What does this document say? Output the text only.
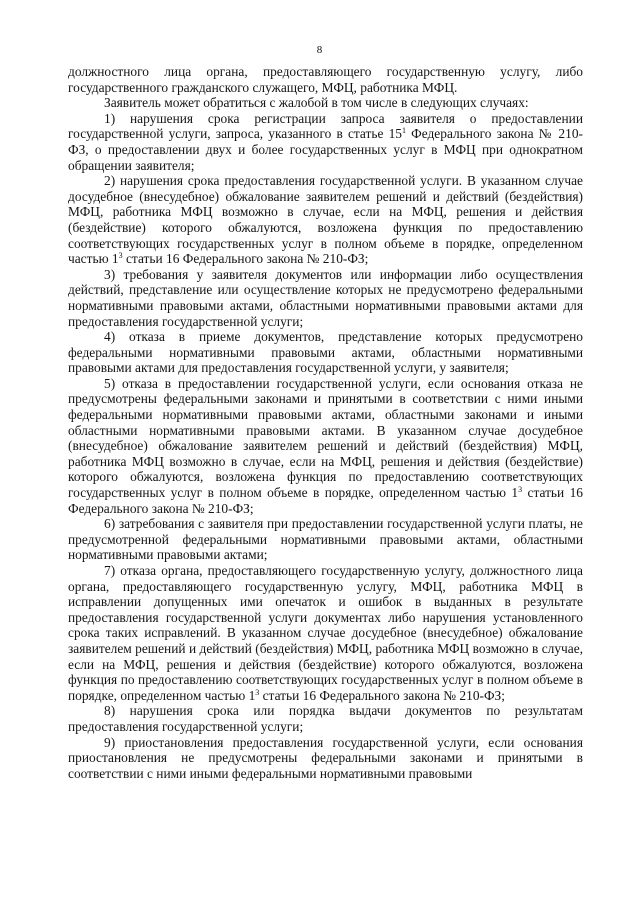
8

должностного лица органа, предоставляющего государственную услугу, либо государственного гражданского служащего, МФЦ, работника МФЦ.

Заявитель может обратиться с жалобой в том числе в следующих случаях:

1) нарушения срока регистрации запроса заявителя о предоставлении государственной услуги, запроса, указанного в статье $15^1$ Федерального закона № 210-ФЗ, о предоставлении двух и более государственных услуг в МФЦ при однократном обращении заявителя;

2) нарушения срока предоставления государственной услуги. В указанном случае досудебное (внесудебное) обжалование заявителем решений и действий (бездействия) МФЦ, работника МФЦ возможно в случае, если на МФЦ, решения и действия (бездействие) которого обжалуются, возложена функция по предоставлению соответствующих государственных услуг в полном объеме в порядке, определенном частью $1^3$ статьи 16 Федерального закона № 210-ФЗ;

3) требования у заявителя документов или информации либо осуществления действий, представление или осуществление которых не предусмотрено федеральными нормативными правовыми актами, областными нормативными правовыми актами для предоставления государственной услуги;

4) отказа в приеме документов, представление которых предусмотрено федеральными нормативными правовыми актами, областными нормативными правовыми актами для предоставления государственной услуги, у заявителя;

5) отказа в предоставлении государственной услуги, если основания отказа не предусмотрены федеральными законами и принятыми в соответствии с ними иными федеральными нормативными правовыми актами, областными законами и иными областными нормативными правовыми актами. В указанном случае досудебное (внесудебное) обжалование заявителем решений и действий (бездействия) МФЦ, работника МФЦ возможно в случае, если на МФЦ, решения и действия (бездействие) которого обжалуются, возложена функция по предоставлению соответствующих государственных услуг в полном объеме в порядке, определенном частью $1^3$ статьи 16 Федерального закона № 210-ФЗ;

6) затребования с заявителя при предоставлении государственной услуги платы, не предусмотренной федеральными нормативными правовыми актами, областными нормативными правовыми актами;

7) отказа органа, предоставляющего государственную услугу, должностного лица органа, предоставляющего государственную услугу, МФЦ, работника МФЦ в исправлении допущенных ими опечаток и ошибок в выданных в результате предоставления государственной услуги документах либо нарушения установленного срока таких исправлений. В указанном случае досудебное (внесудебное) обжалование заявителем решений и действий (бездействия) МФЦ, работника МФЦ возможно в случае, если на МФЦ, решения и действия (бездействие) которого обжалуются, возложена функция по предоставлению соответствующих государственных услуг в полном объеме в порядке, определенном частью $1^3$ статьи 16 Федерального закона № 210-ФЗ;

8) нарушения срока или порядка выдачи документов по результатам предоставления государственной услуги;

9) приостановления предоставления государственной услуги, если основания приостановления не предусмотрены федеральными законами и принятыми в соответствии с ними иными федеральными нормативными правовыми
